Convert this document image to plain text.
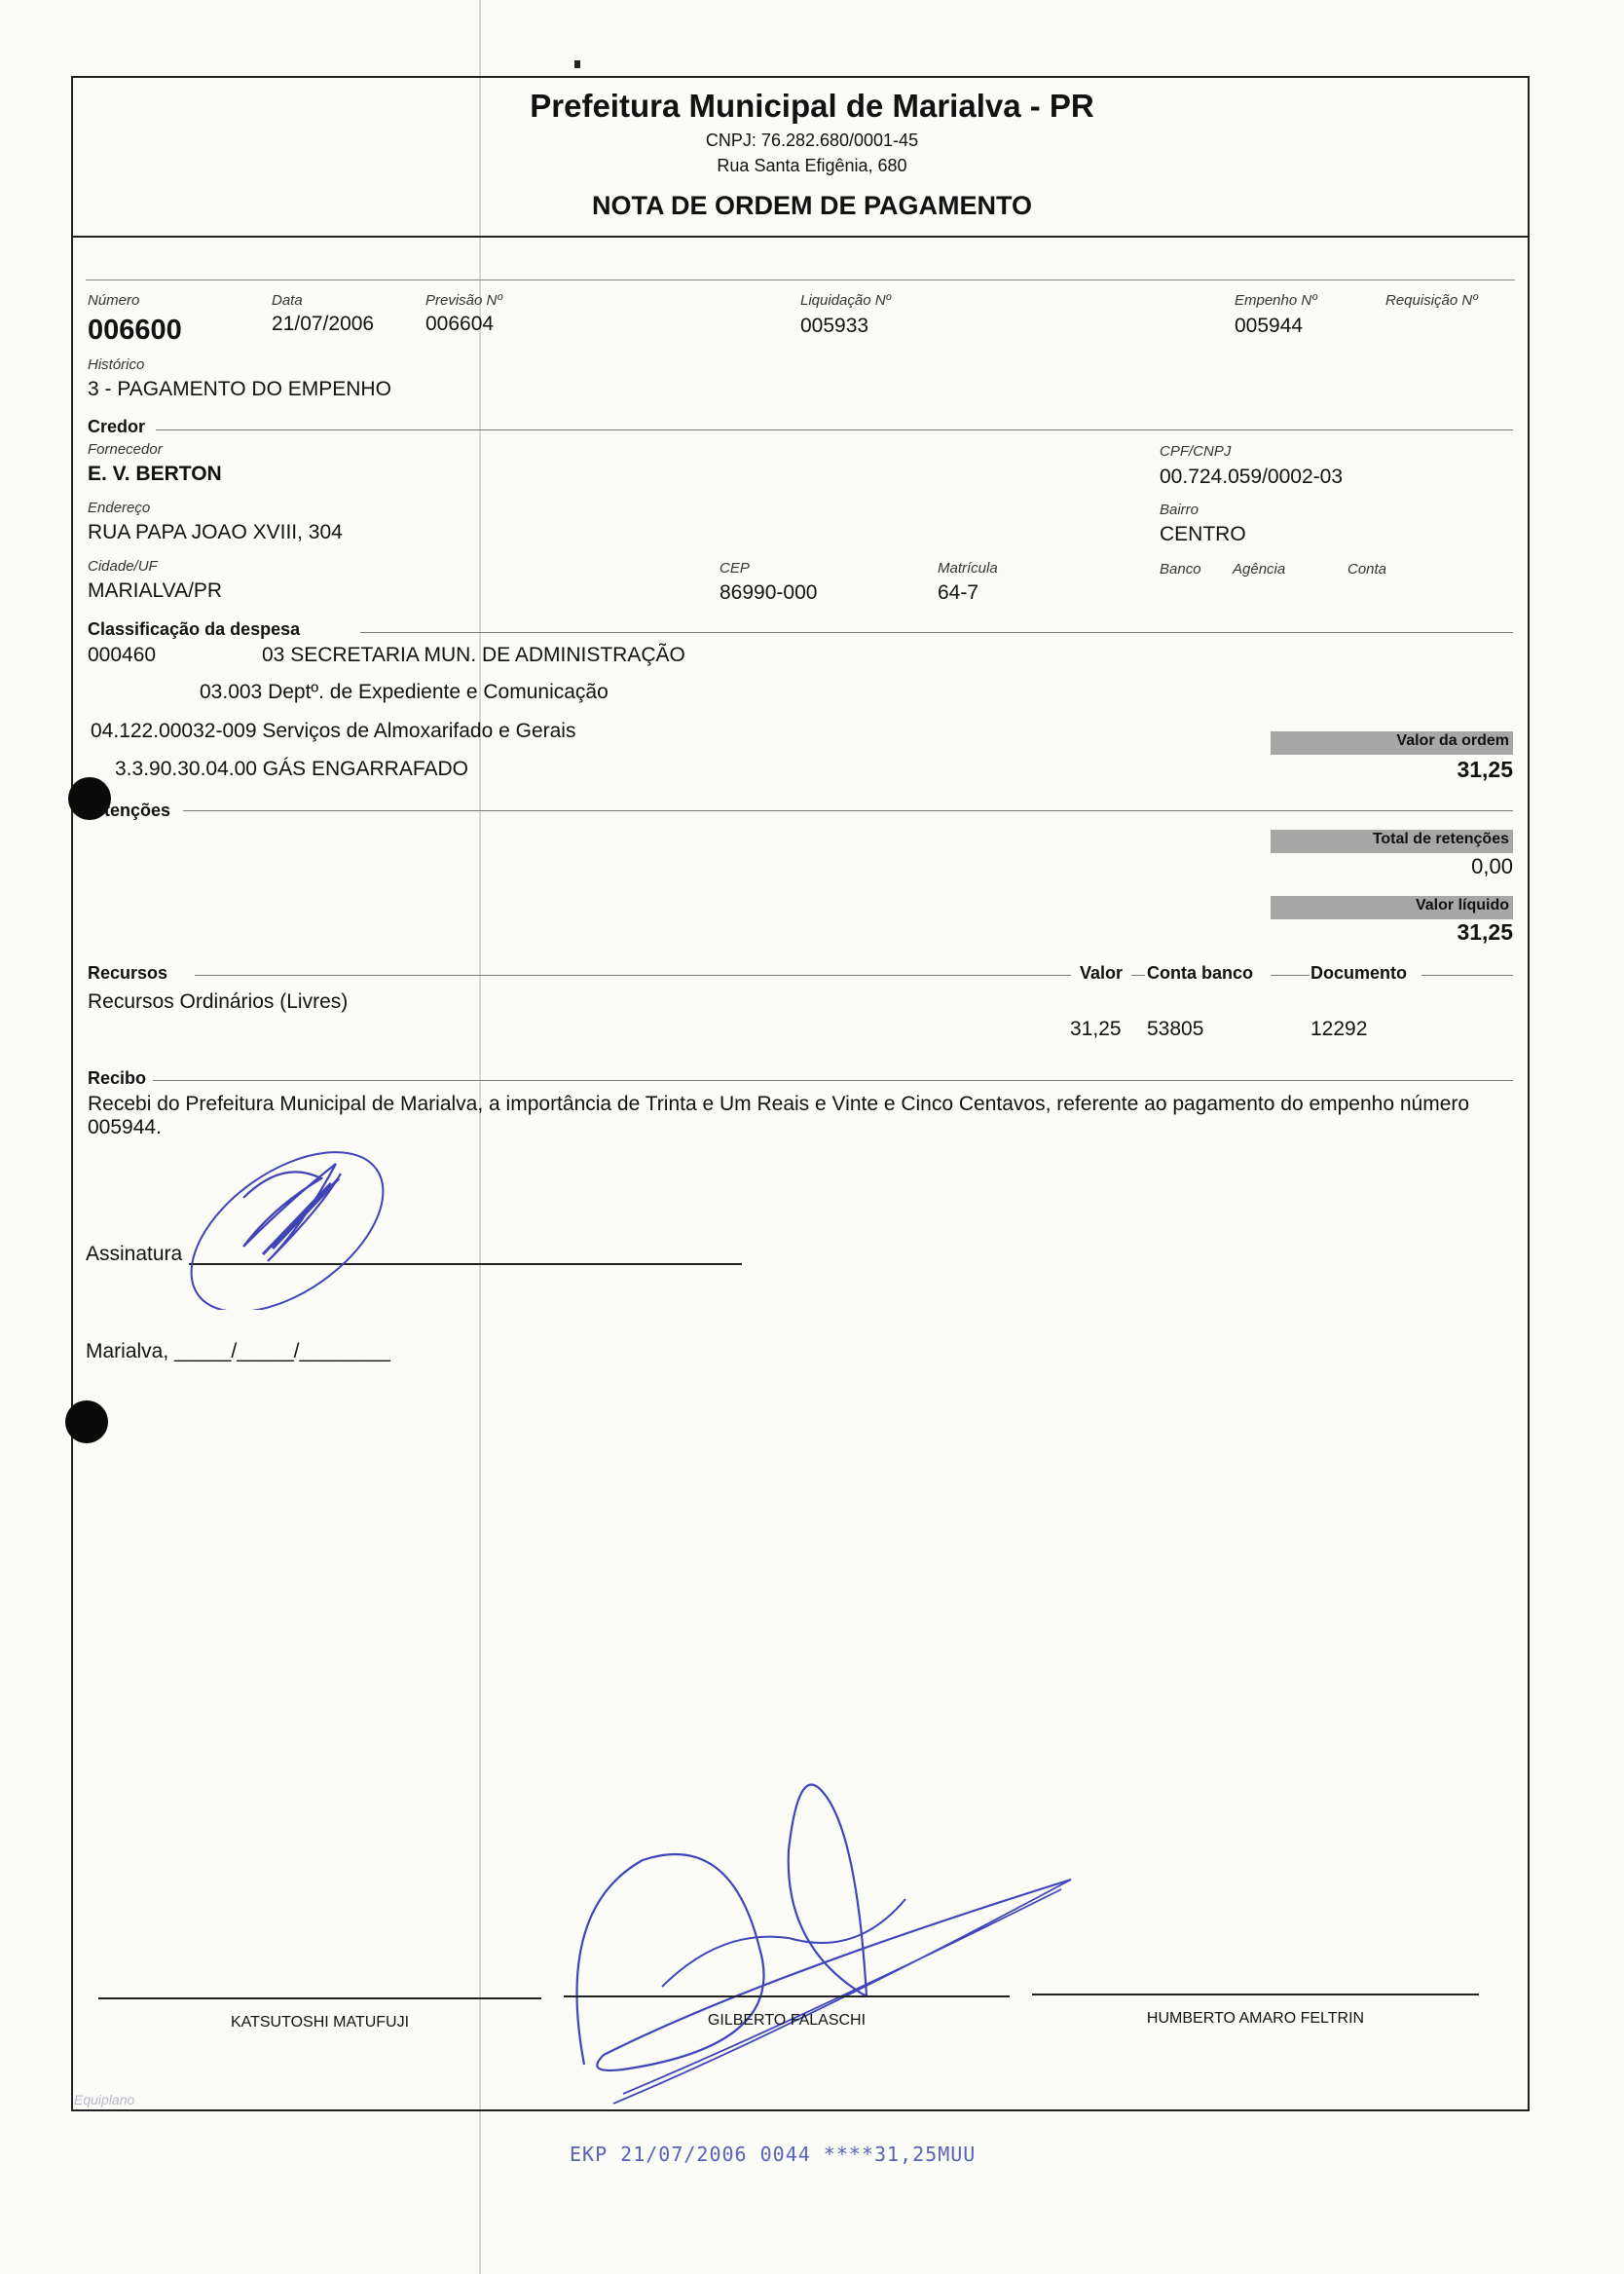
Prefeitura Municipal de Marialva - PR
CNPJ: 76.282.680/0001-45
Rua Santa Efigênia, 680
NOTA DE ORDEM DE PAGAMENTO
Número
006600
Data
21/07/2006
Previsão Nº
006604
Liquidação Nº
005933
Empenho Nº
005944
Requisição Nº
Histórico
3 - PAGAMENTO DO EMPENHO
Credor
Fornecedor
E. V. BERTON
CPF/CNPJ
00.724.059/0002-03
Endereço
RUA PAPA JOAO XVIII, 304
Bairro
CENTRO
Cidade/UF
MARIALVA/PR
CEP
86990-000
Matrícula
64-7
Banco Agência	Conta
Classificação da despesa
000460	03 SECRETARIA MUN. DE ADMINISTRAÇÃO
03.003 Deptº. de Expediente e Comunicação
04.122.00032-009 Serviços de Almoxarifado e Gerais
3.3.90.30.04.00 GÁS ENGARRAFADO
Valor da ordem
31,25
tenções
Total de retenções
0,00
Valor líquido
31,25
Recursos	Valor Conta banco	Documento
Recursos Ordinários (Livres)
31,25 53805	12292
Recibo
Recebi do Prefeitura Municipal de Marialva, a importância de Trinta e Um Reais e Vinte e Cinco Centavos, referente ao pagamento do empenho número 005944.
Assinatura
Marialva, _____/_____/________
KATSUTOSHI MATUFUJI	GILBERTO FALASCHI	HUMBERTO AMARO FELTRIN
Equiplano
EKP 21/07/2006 0044 ****31,25MUU
